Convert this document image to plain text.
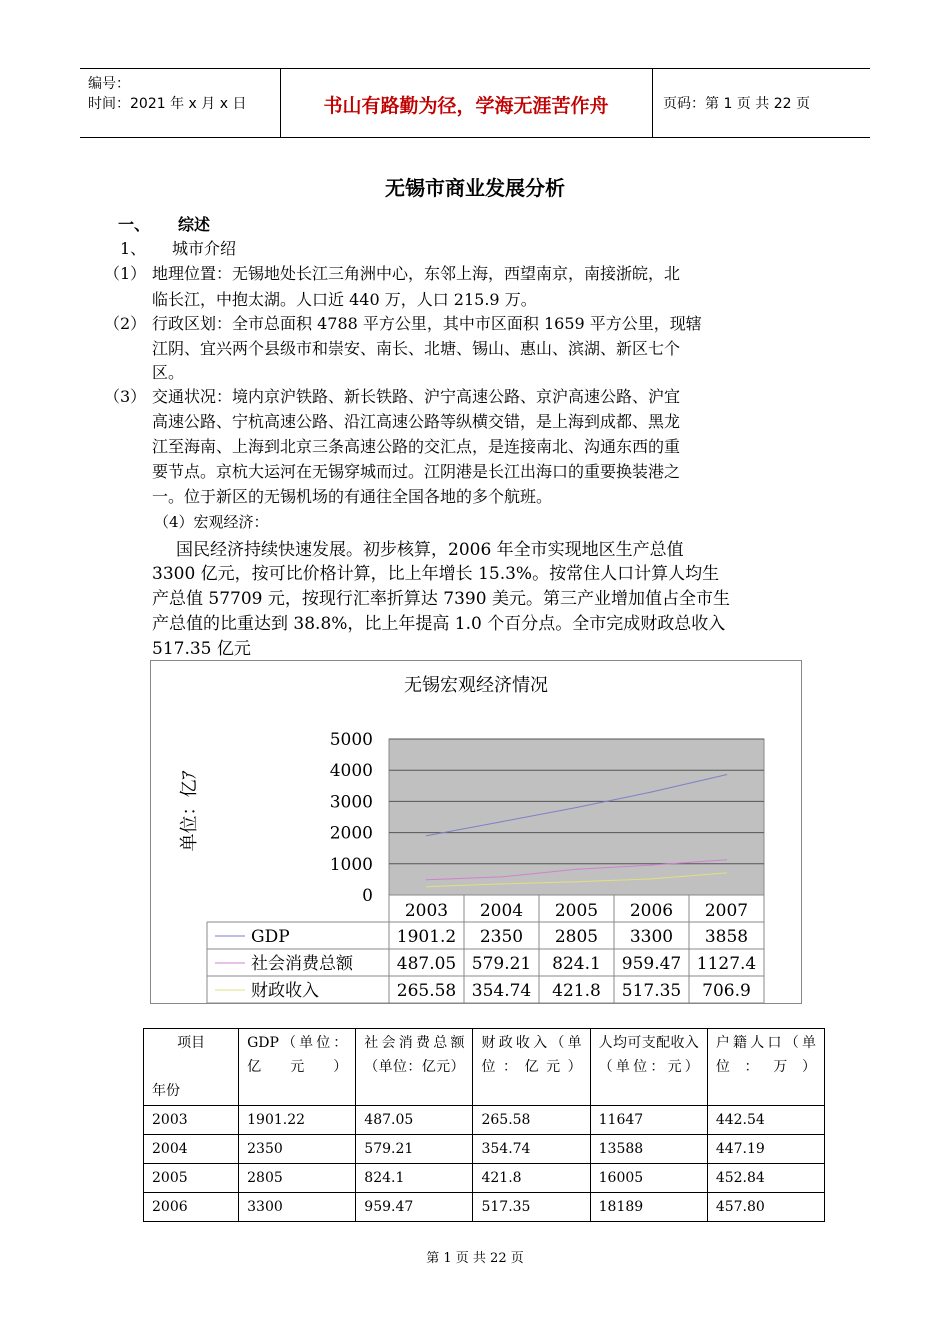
编号：
时间：2021 年 x 月 x 日	书山有路勤为径，学海无涯苦作舟	页码：第 1 页 共 22 页
无锡市商业发展分析
一、 综述
1、 城市介绍
（1） 地理位置：无锡地处长江三角洲中心，东邻上海，西望南京，南接浙皖，北
临长江，中抱太湖。人口近 440 万，人口 215.9 万。
（2） 行政区划：全市总面积 4788 平方公里，其中市区面积 1659 平方公里，现辖
江阴、宜兴两个县级市和崇安、南长、北塘、锡山、惠山、滨湖、新区七个
区。
（3） 交通状况：境内京沪铁路、新长铁路、沪宁高速公路、京沪高速公路、沪宜
高速公路、宁杭高速公路、沿江高速公路等纵横交错，是上海到成都、黑龙
江至海南、上海到北京三条高速公路的交汇点，是连接南北、沟通东西的重
要节点。京杭大运河在无锡穿城而过。江阴港是长江出海口的重要换装港之
一。位于新区的无锡机场的有通往全国各地的多个航班。
（4）宏观经济：
国民经济持续快速发展。初步核算，2006 年全市实现地区生产总值
3300 亿元，按可比价格计算，比上年增长 15.3%。按常住人口计算人均生
产总值 57709 元，按现行汇率折算达 7390 美元。第三产业增加值占全市生
产总值的比重达到 38.8%，比上年提高 1.0 个百分点。全市完成财政总收入
517.35 亿元
无锡宏观经济情况
单位：亿ｱ
0
1000
2000
3000
4000
5000
2003 2004 2005 2006 2007
GDP	1901.2 2350 2805 3300 3858
社会消费总额	487.05 579.21 824.1 959.47 1127.4
财政收入	265.58 354.74 421.8 517.35 706.9
项目
年份	GDP（单位：亿元）	社会消费总额（单位：亿元）	财政收入（单位：亿元）	人均可支配收入（单位：元）	户籍人口（单位：万）
2003	1901.22	487.05	265.58	11647	442.54
2004	2350	579.21	354.74	13588	447.19
2005	2805	824.1	421.8	16005	452.84
2006	3300	959.47	517.35	18189	457.80
第 1 页 共 22 页
